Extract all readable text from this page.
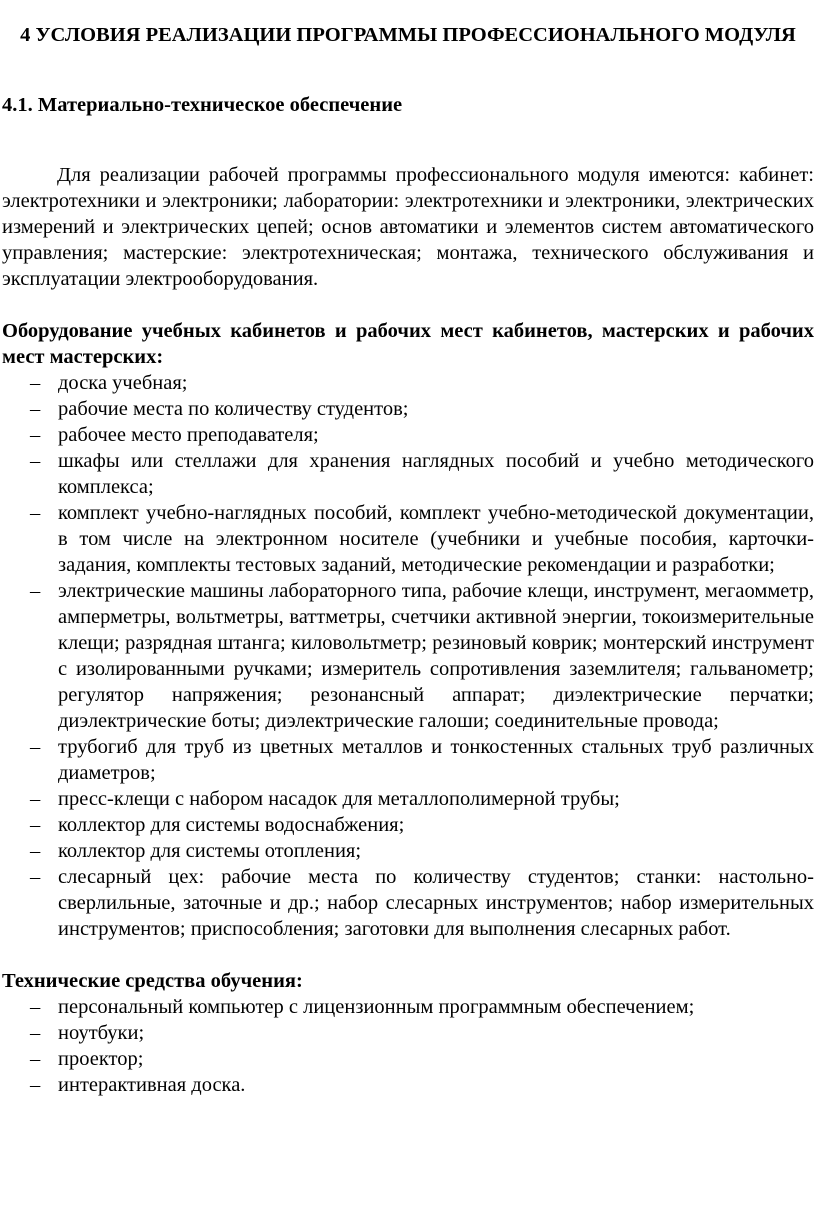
4 УСЛОВИЯ РЕАЛИЗАЦИИ ПРОГРАММЫ ПРОФЕССИОНАЛЬНОГО МОДУЛЯ
4.1. Материально-техническое обеспечение

Для реализации рабочей программы профессионального модуля имеются: кабинет: электротехники и электроники; лаборатории: электротехники и электроники, электрических измерений и электрических цепей; основ автоматики и элементов систем автоматического управления; мастерские: электротехническая; монтажа, технического обслуживания и эксплуатации электрооборудования.

Оборудование учебных кабинетов и рабочих мест кабинетов, мастерских и рабочих мест мастерских:
– доска учебная;
– рабочие места по количеству студентов;
– рабочее место преподавателя;
– шкафы или стеллажи для хранения наглядных пособий и учебно методического комплекса;
– комплект учебно-наглядных пособий, комплект учебно-методической документации, в том числе на электронном носителе (учебники и учебные пособия, карточки-задания, комплекты тестовых заданий, методические рекомендации и разработки;
– электрические машины лабораторного типа, рабочие клещи, инструмент, мегаомметр, амперметры, вольтметры, ваттметры, счетчики активной энергии, токоизмерительные клещи; разрядная штанга; киловольтметр; резиновый коврик; монтерский инструмент с изолированными ручками; измеритель сопротивления заземлителя; гальванометр; регулятор напряжения; резонансный аппарат; диэлектрические перчатки; диэлектрические боты; диэлектрические галоши; соединительные провода;
– трубогиб для труб из цветных металлов и тонкостенных стальных труб различных диаметров;
– пресс-клещи с набором насадок для металлополимерной трубы;
– коллектор для системы водоснабжения;
– коллектор для системы отопления;
– слесарный цех: рабочие места по количеству студентов; станки: настольно-сверлильные, заточные и др.; набор слесарных инструментов; набор измерительных инструментов; приспособления; заготовки для выполнения слесарных работ.
Технические средства обучения:
– персональный компьютер с лицензионным программным обеспечением;
– ноутбуки;
– проектор;
– интерактивная доска.
